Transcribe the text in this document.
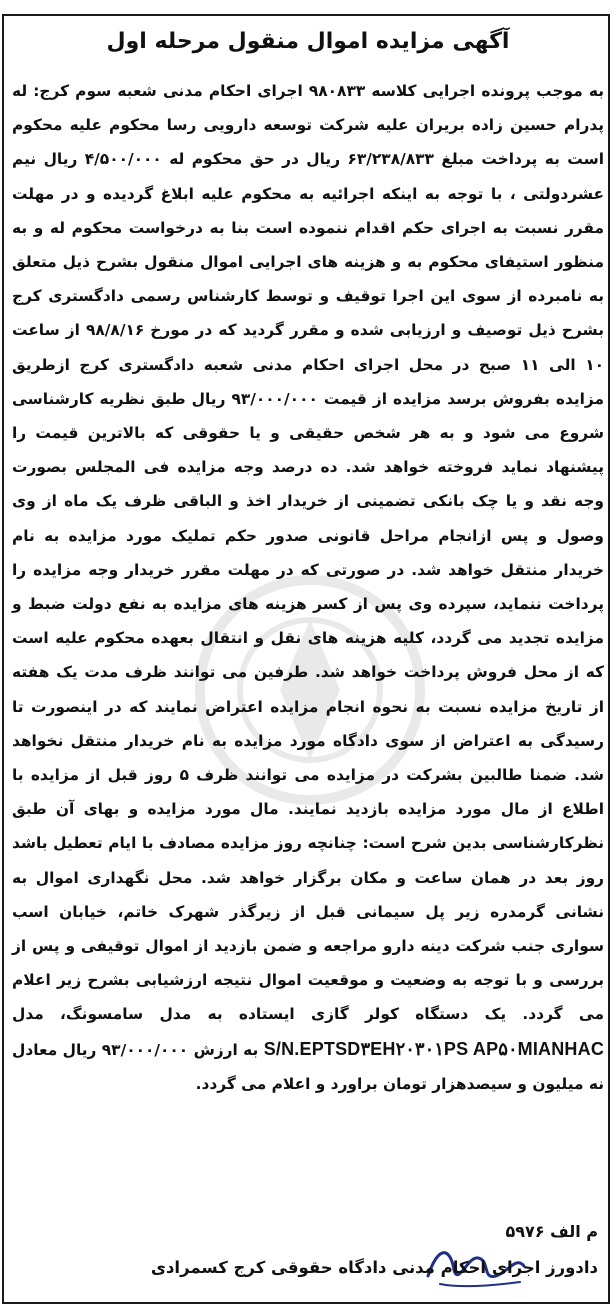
آگهی مزایده اموال منقول مرحله اول
به موجب پرونده اجرایی کلاسه ۹۸۰۸۳۳ اجرای احکام مدنی شعبه سوم کرج: له پدرام حسین زاده بریران علیه شرکت توسعه دارویی رسا محکوم علیه محکوم است به پرداخت مبلغ ۶۳/۲۳۸/۸۳۳ ریال در حق محکوم له ۴/۵۰۰/۰۰۰ ریال نیم عشردولتی ، با توجه به اینکه اجرائیه به محکوم علیه ابلاغ گردیده و در مهلت مقرر نسبت به اجرای حکم اقدام ننموده است بنا به درخواست محکوم له و به منظور استیفای محکوم به و هزینه های اجرایی اموال منقول بشرح ذیل متعلق به نامبرده از سوی این اجرا توقیف و توسط کارشناس رسمی دادگستری کرج بشرح ذیل توصیف و ارزیابی شده و مقرر گردید که در مورخ ۹۸/۸/۱۶ از ساعت ۱۰ الی ۱۱ صبح در محل اجرای احکام مدنی شعبه دادگستری کرج ازطریق مزایده بفروش برسد مزایده از قیمت ۹۳/۰۰۰/۰۰۰ ریال طبق نظریه کارشناسی شروع می شود و به هر شخص حقیقی و یا حقوقی که بالاترین قیمت را پیشنهاد نماید فروخته خواهد شد. ده درصد وجه مزایده فی المجلس بصورت وجه نقد و یا چک بانکی تضمینی از خریدار اخذ و الباقی ظرف یک ماه از وی وصول و پس ازانجام مراحل قانونی صدور حکم تملیک مورد مزایده به نام خریدار منتقل خواهد شد. در صورتی که در مهلت مقرر خریدار وجه مزایده را پرداخت ننماید، سپرده وی پس از کسر هزینه های مزایده به نفع دولت ضبط و مزایده تجدید می گردد، کلیه هزینه های نقل و انتقال بعهده محکوم علیه است که از محل فروش پرداخت خواهد شد. طرفین می توانند ظرف مدت یک هفته از تاریخ مزایده نسبت به نحوه انجام مزایده اعتراض نمایند که در اینصورت تا رسیدگی به اعتراض از سوی دادگاه مورد مزایده به نام خریدار منتقل نخواهد شد. ضمنا طالبین بشرکت در مزایده می توانند ظرف ۵ روز قبل از مزایده با اطلاع از مال مورد مزایده بازدید نمایند. مال مورد مزایده و بهای آن طبق نظرکارشناسی بدین شرح است: چنانچه روز مزایده مصادف با ایام تعطیل باشد روز بعد در همان ساعت و مکان برگزار خواهد شد. محل نگهداری اموال به نشانی گرمدره زیر پل سیمانی قبل از زیرگذر شهرک خاتم، خیابان اسب سواری جنب شرکت دینه دارو مراجعه و ضمن بازدید از اموال توقیفی و پس از بررسی و با توجه به وضعیت و موقعیت اموال نتیجه ارزشیابی بشرح زیر اعلام می گردد. یک دستگاه کولر گازی ایستاده به مدل سامسونگ، مدل S/N.EPTSD۳EH۲۰۳۰۱PS AP۵۰MIANHAC به ارزش ۹۳/۰۰۰/۰۰۰ ریال معادل نه میلیون و سیصدهزار تومان براورد و اعلام می گردد.
م الف ۵۹۷۶
دادورز اجرای احکام مدنی دادگاه حقوقی کرج کسمرادی
